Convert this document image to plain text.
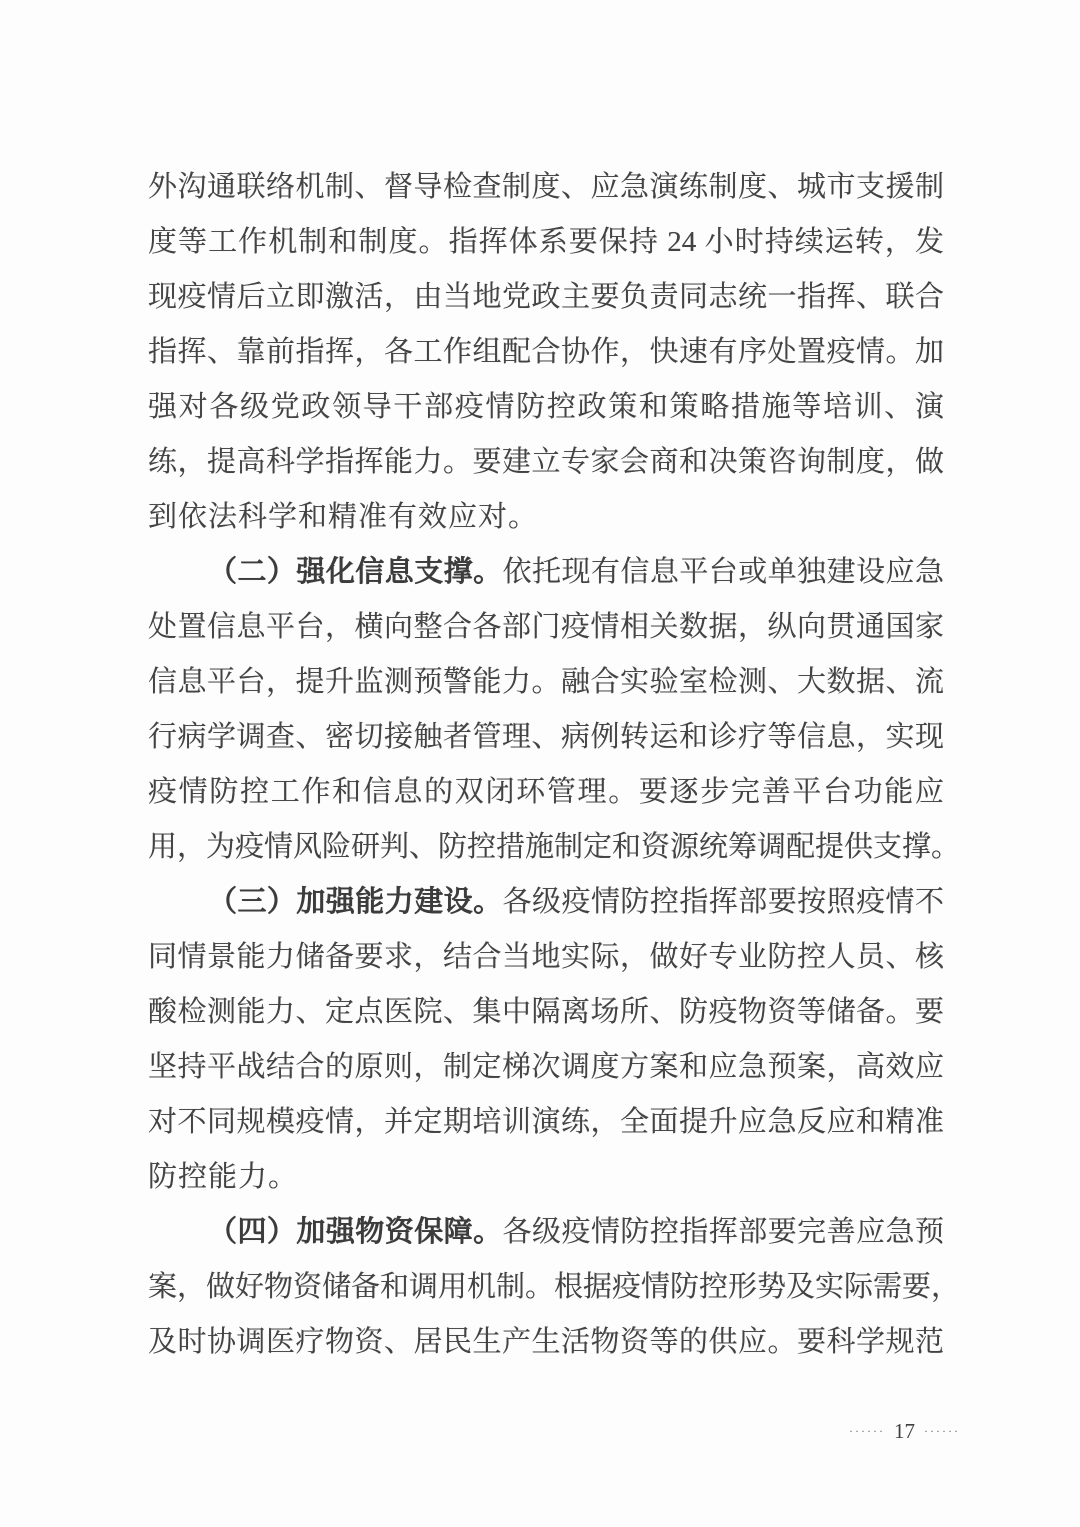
外沟通联络机制、督导检查制度、应急演练制度、城市支援制
度等工作机制和制度。指挥体系要保持 24 小时持续运转，发
现疫情后立即激活，由当地党政主要负责同志统一指挥、联合
指挥、靠前指挥，各工作组配合协作，快速有序处置疫情。加
强对各级党政领导干部疫情防控政策和策略措施等培训、演
练，提高科学指挥能力。要建立专家会商和决策咨询制度，做
到依法科学和精准有效应对。
（二）强化信息支撑。依托现有信息平台或单独建设应急
处置信息平台，横向整合各部门疫情相关数据，纵向贯通国家
信息平台，提升监测预警能力。融合实验室检测、大数据、流
行病学调查、密切接触者管理、病例转运和诊疗等信息，实现
疫情防控工作和信息的双闭环管理。要逐步完善平台功能应
用，为疫情风险研判、防控措施制定和资源统筹调配提供支撑。
（三）加强能力建设。各级疫情防控指挥部要按照疫情不
同情景能力储备要求，结合当地实际，做好专业防控人员、核
酸检测能力、定点医院、集中隔离场所、防疫物资等储备。要
坚持平战结合的原则，制定梯次调度方案和应急预案，高效应
对不同规模疫情，并定期培训演练，全面提升应急反应和精准
防控能力。
（四）加强物资保障。各级疫情防控指挥部要完善应急预
案，做好物资储备和调用机制。根据疫情防控形势及实际需要，
及时协调医疗物资、居民生产生活物资等的供应。要科学规范
······ 17 ······
